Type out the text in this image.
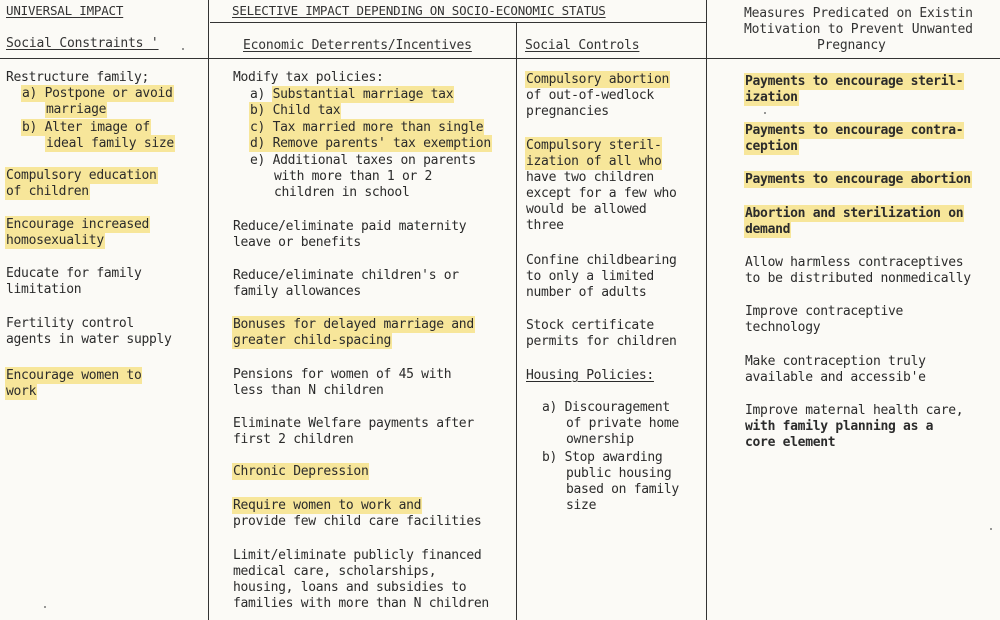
UNIVERSAL IMPACT	SELECTIVE IMPACT DEPENDING ON SOCIO-ECONOMIC STATUS	Measures Predicated on Existin
Motivation to Prevent Unwanted
Pregnancy
Social Constraints '	Economic Deterrents/Incentives	Social Controls
Restructure family;
a) Postpone or avoid
marriage
b) Alter image of
ideal family size
Compulsory education
of children
Encourage increased
homosexuality
Educate for family
limitation
Fertility control
agents in water supply
Encourage women to
work
Modify tax policies:
a) Substantial marriage tax
b) Child tax
c) Tax married more than single
d) Remove parents' tax exemption
e) Additional taxes on parents
with more than 1 or 2
children in school
Reduce/eliminate paid maternity
leave or benefits
Reduce/eliminate children's or
family allowances
Bonuses for delayed marriage and
greater child-spacing
Pensions for women of 45 with
less than N children
Eliminate Welfare payments after
first 2 children
Chronic Depression
Require women to work and
provide few child care facilities
Limit/eliminate publicly financed
medical care, scholarships,
housing, loans and subsidies to
families with more than N children
Compulsory abortion
of out-of-wedlock
pregnancies
Compulsory steril-
ization of all who
have two children
except for a few who
would be allowed
three
Confine childbearing
to only a limited
number of adults
Stock certificate
permits for children
Housing Policies:
a) Discouragement
of private home
ownership
b) Stop awarding
public housing
based on family
size
Payments to encourage steril-
ization
Payments to encourage contra-
ception
Payments to encourage abortion
Abortion and sterilization on
demand
Allow harmless contraceptives
to be distributed nonmedically
Improve contraceptive
technology
Make contraception truly
available and accessib'e
Improve maternal health care,
with family planning as a
core element
